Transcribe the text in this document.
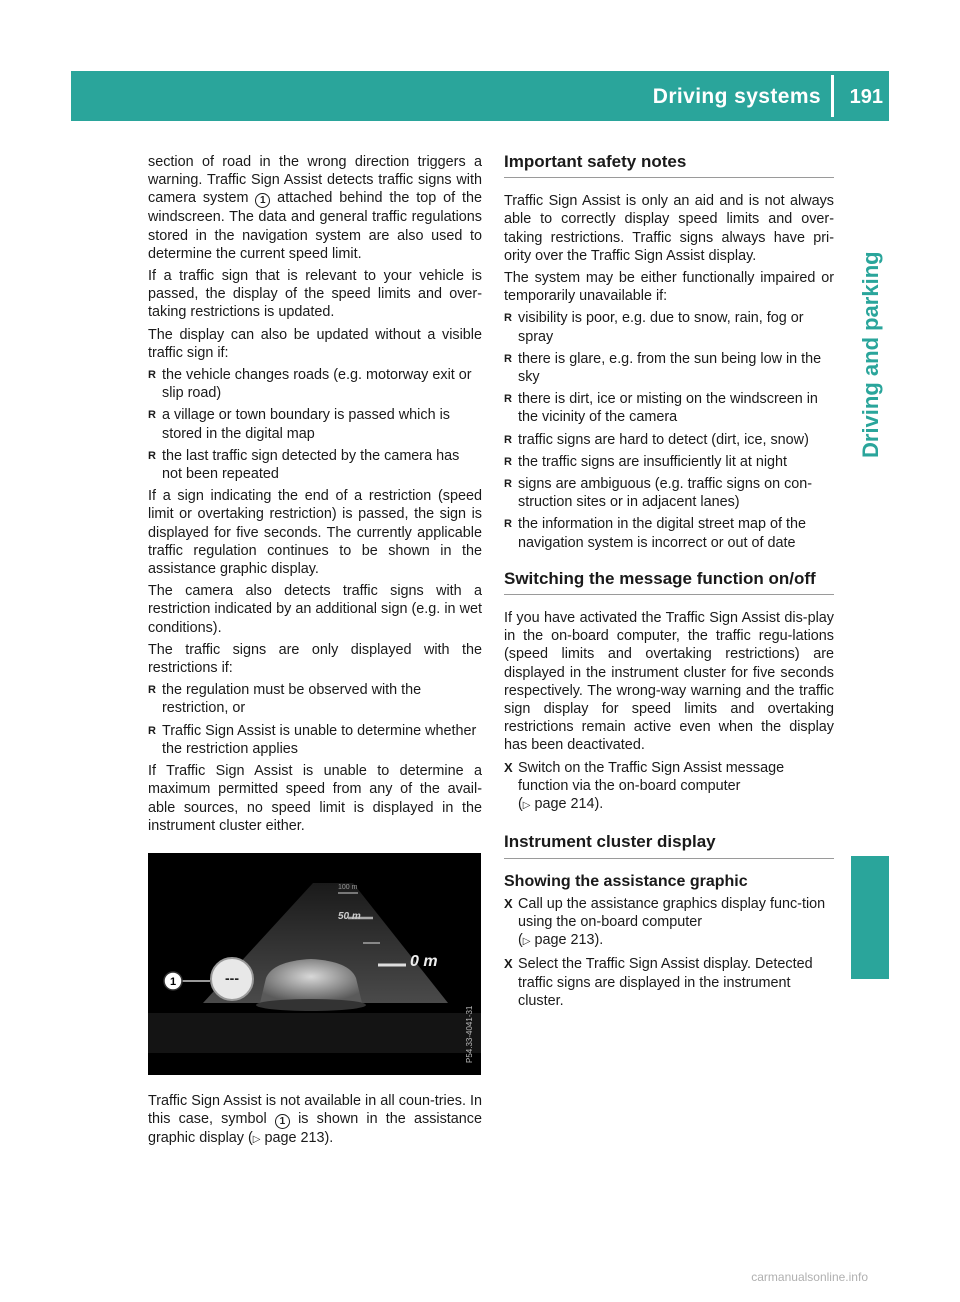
Driving systems 191
Driving and parking

section of road in the wrong direction triggers a warning. Traffic Sign Assist detects traffic signs with camera system 1 attached behind the top of the windscreen. The data and general traffic regulations stored in the navigation system are also used to determine the current speed limit.

If a traffic sign that is relevant to your vehicle is passed, the display of the speed limits and over-taking restrictions is updated.

The display can also be updated without a visible traffic sign if:

R the vehicle changes roads (e.g. motorway exit or slip road)
R a village or town boundary is passed which is stored in the digital map
R the last traffic sign detected by the camera has not been repeated

If a sign indicating the end of a restriction (speed limit or overtaking restriction) is passed, the sign is displayed for five seconds. The currently applicable traffic regulation continues to be shown in the assistance graphic display.

The camera also detects traffic signs with a restriction indicated by an additional sign (e.g. in wet conditions).

The traffic signs are only displayed with the restrictions if:

R the regulation must be observed with the restriction, or
R Traffic Sign Assist is unable to determine whether the restriction applies

If Traffic Sign Assist is unable to determine a maximum permitted speed from any of the avail-able sources, no speed limit is displayed in the instrument cluster either.

100 m
50 m
0 m
---
1
P54.33-4041-31

Traffic Sign Assist is not available in all coun-tries. In this case, symbol 1 is shown in the assistance graphic display (▷ page 213).

Important safety notes

Traffic Sign Assist is only an aid and is not always able to correctly display speed limits and over-taking restrictions. Traffic signs always have pri-ority over the Traffic Sign Assist display.

The system may be either functionally impaired or temporarily unavailable if:

R visibility is poor, e.g. due to snow, rain, fog or spray
R there is glare, e.g. from the sun being low in the sky
R there is dirt, ice or misting on the windscreen in the vicinity of the camera
R traffic signs are hard to detect (dirt, ice, snow)
R the traffic signs are insufficiently lit at night
R signs are ambiguous (e.g. traffic signs on con-struction sites or in adjacent lanes)
R the information in the digital street map of the navigation system is incorrect or out of date
Switching the message function on/off

If you have activated the Traffic Sign Assist dis-play in the on-board computer, the traffic regu-lations (speed limits and overtaking restrictions) are displayed in the instrument cluster for five seconds respectively. The wrong-way warning and the traffic sign display for speed limits and overtaking restrictions remain active even when the display has been deactivated.

X Switch on the Traffic Sign Assist message function via the on-board computer
(▷ page 214).
Instrument cluster display
Showing the assistance graphic
X Call up the assistance graphics display func-tion using the on-board computer
(▷ page 213).
X Select the Traffic Sign Assist display. Detected traffic signs are displayed in the instrument cluster.
carmanualsonline.info
